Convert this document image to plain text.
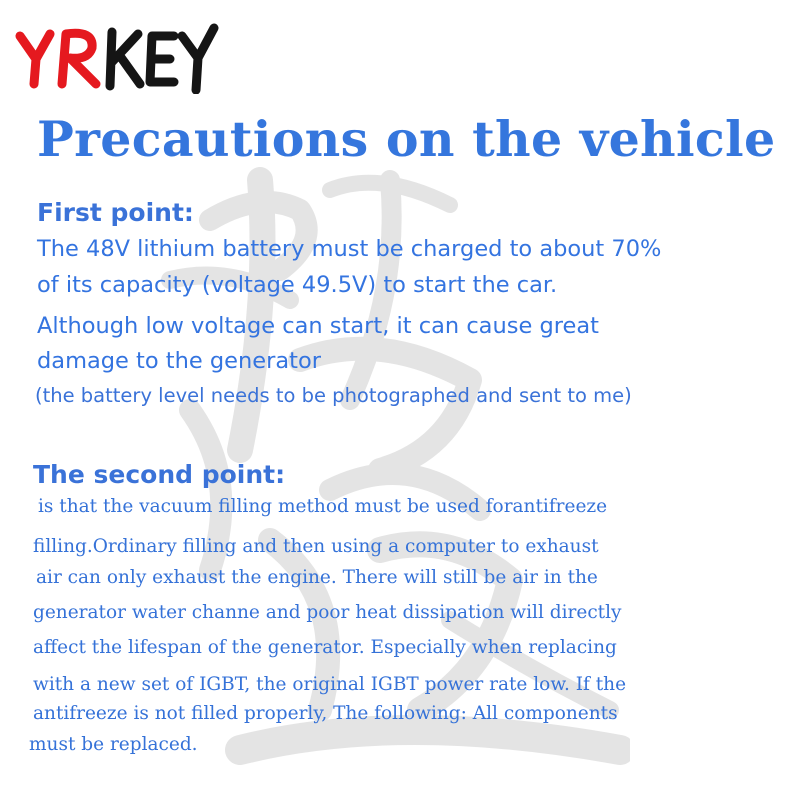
Precautions on the vehicle
First point:

The 48V lithium battery must be charged to about 70%

of its capacity (voltage 49.5V) to start the car.

Although low voltage can start, it can cause great

damage to the generator

(the battery level needs to be photographed and sent to me)

The second point:

is that the vacuum filling method must be used forantifreeze

filling.Ordinary filling and then using a computer to exhaust

air can only exhaust the engine. There will still be air in the

generator water channe and poor heat dissipation will directly

affect the lifespan of the generator. Especially when replacing

with a new set of IGBT, the original IGBT power rate low. If the

antifreeze is not filled properly, The following: All components

must be replaced.
